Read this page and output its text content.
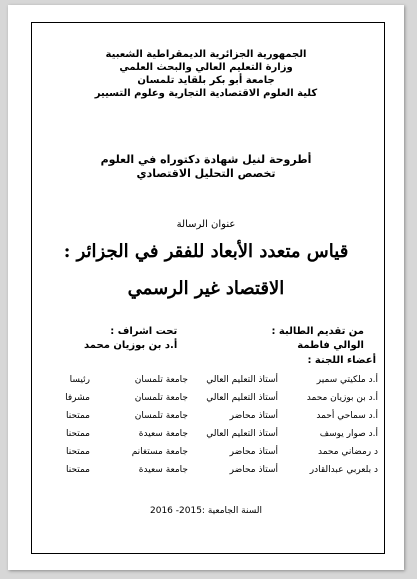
الجمهورية الجزائرية الديمقراطية الشعبية
وزارة التعليم العالي والبحث العلمي
جامعة أبو بكر بلقايد تلمسان
كلية العلوم الاقتصادية التجارية وعلوم التسيير
أطروحة لنيل شهادة دكتوراه في العلوم
تخصص التحليل الاقتصادي
عنوان الرسالة
قياس متعدد الأبعاد للفقر في الجزائر :
الاقتصاد غير الرسمي
من تقديم الطالبة :
الوالي فاطمة
تحت اشراف :
أ.د بن بوزيان محمد
أعضاء اللجنة :
أ.د ملكيتي سمير
أستاذ التعليم العالي
جامعة تلمسان
رئيسا
أ.د بن بوزيان محمد
أستاذ التعليم العالي
جامعة تلمسان
مشرفا
أ.د سماحي أحمد
أستاذ محاضر
جامعة تلمسان
ممتحنا
أ.د صوار يوسف
أستاذ التعليم العالي
جامعة سعيدة
ممتحنا
د رمضاني محمد
أستاذ محاضر
جامعة مستغانم
ممتحنا
د بلعربي عبدالقادر
أستاذ محاضر
جامعة سعيدة
ممتحنا
السنة الجامعية :2015- 2016
